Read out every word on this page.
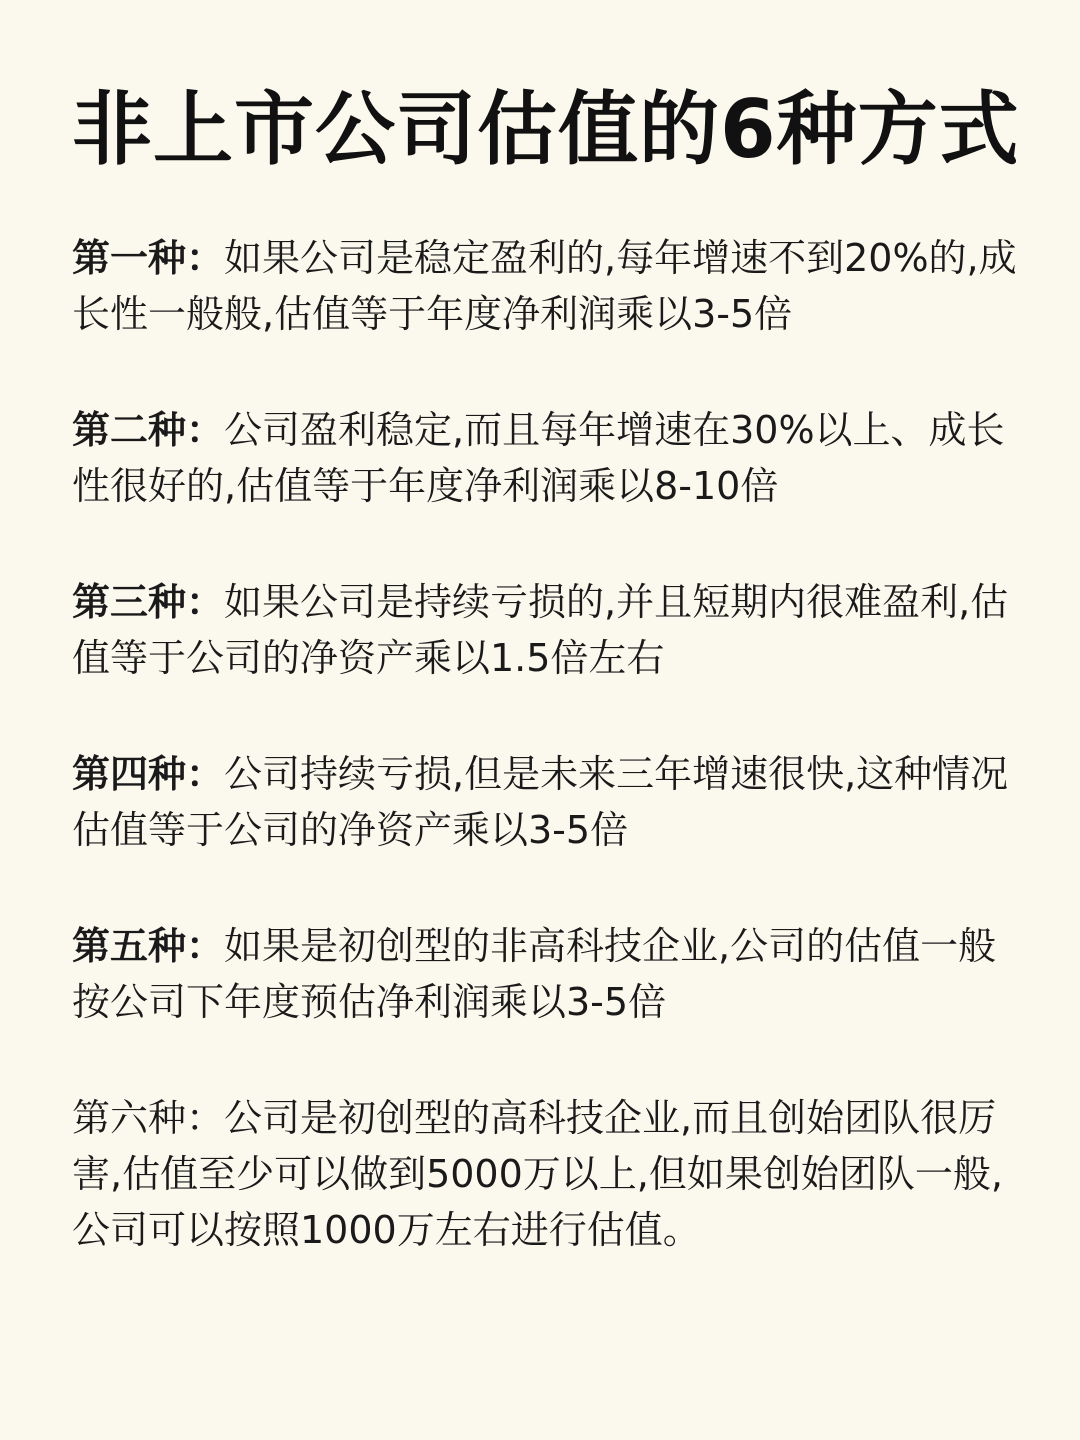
非上市公司估值的6种方式

第一种：如果公司是稳定盈利的,每年增速不到20%的,成长性一般般,估值等于年度净利润乘以3-5倍

第二种：公司盈利稳定,而且每年增速在30%以上、成长性很好的,估值等于年度净利润乘以8-10倍

第三种：如果公司是持续亏损的,并且短期内很难盈利,估值等于公司的净资产乘以1.5倍左右

第四种：公司持续亏损,但是未来三年增速很快,这种情况估值等于公司的净资产乘以3-5倍

第五种：如果是初创型的非高科技企业,公司的估值一般按公司下年度预估净利润乘以3-5倍

第六种：公司是初创型的高科技企业,而且创始团队很厉害,估值至少可以做到5000万以上,但如果创始团队一般,公司可以按照1000万左右进行估值。
